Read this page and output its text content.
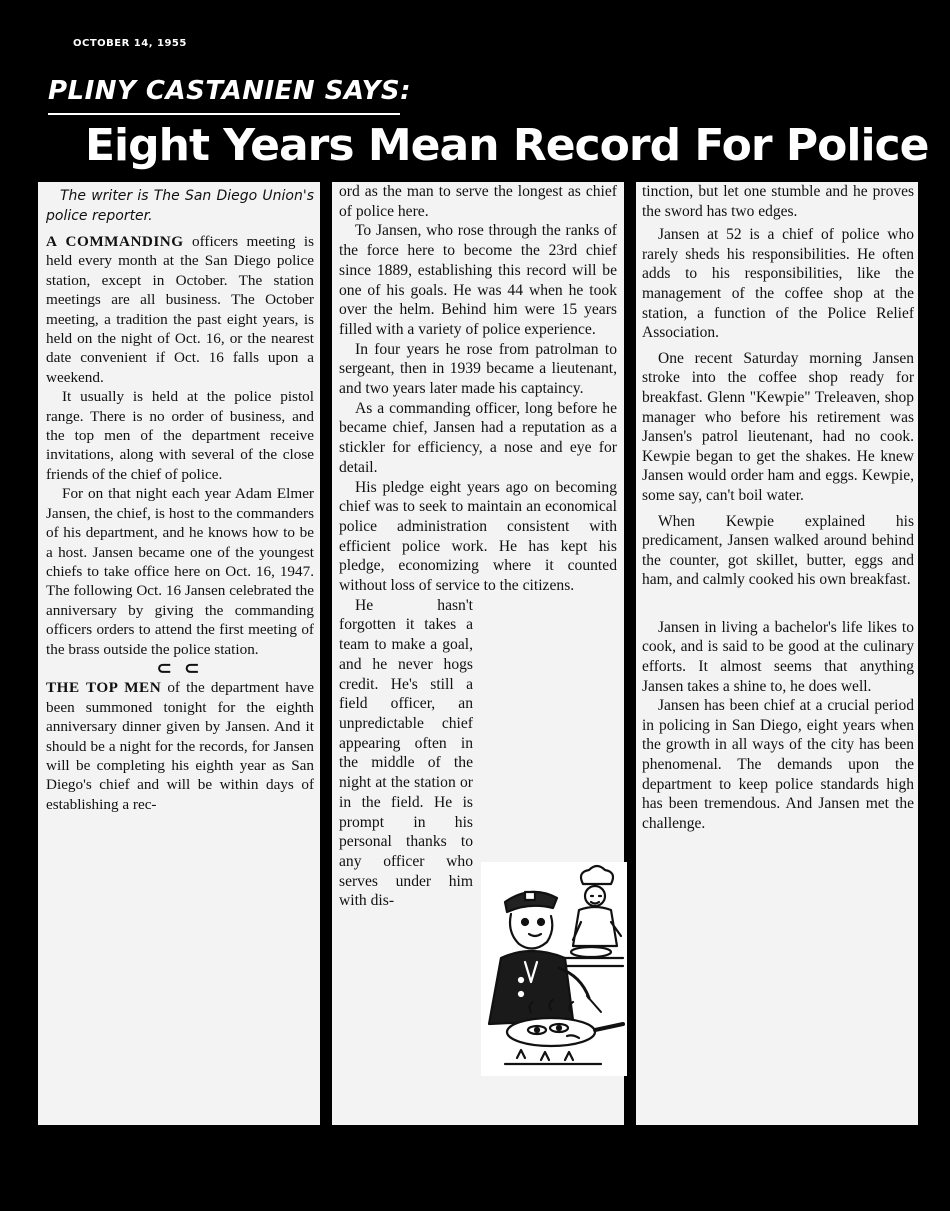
OCTOBER 14, 1955
PLINY CASTANIEN SAYS:
Eight Years Mean Record For Police

The writer is The San Diego Union's police reporter.

A COMMANDING officers meeting is held every month at the San Diego police station, except in October. The station meetings are all business. The October meeting, a tradition the past eight years, is held on the night of Oct. 16, or the nearest date convenient if Oct. 16 falls upon a weekend.

It usually is held at the police pistol range. There is no order of business, and the top men of the department receive invitations, along with several of the close friends of the chief of police.

For on that night each year Adam Elmer Jansen, the chief, is host to the commanders of his department, and he knows how to be a host. Jansen became one of the youngest chiefs to take office here on Oct. 16, 1947. The following Oct. 16 Jansen celebrated the anniversary by giving the commanding officers orders to attend the first meeting of the brass outside the police station.

⊂ ⊂

THE TOP MEN of the department have been summoned tonight for the eighth anniversary dinner given by Jansen. And it should be a night for the records, for Jansen will be completing his eighth year as San Diego's chief and will be within days of establishing a rec-

ord as the man to serve the longest as chief of police here.

To Jansen, who rose through the ranks of the force here to become the 23rd chief since 1889, establishing this record will be one of his goals. He was 44 when he took over the helm. Behind him were 15 years filled with a variety of police experience.

In four years he rose from patrolman to sergeant, then in 1939 became a lieutenant, and two years later made his captaincy.

As a commanding officer, long before he became chief, Jansen had a reputation as a stickler for efficiency, a nose and eye for detail.

His pledge eight years ago on becoming chief was to seek to maintain an economical police administration consistent with efficient police work. He has kept his pledge, economizing where it counted without loss of service to the citizens.

He hasn't forgotten it takes a team to make a goal, and he never hogs credit. He's still a field officer, an unpredictable chief appearing often in the middle of the night at the station or in the field. He is prompt in his personal thanks to any officer who serves under him with dis-

tinction, but let one stumble and he proves the sword has two edges.

Jansen at 52 is a chief of police who rarely sheds his responsibilities. He often adds to his responsibilities, like the management of the coffee shop at the station, a function of the Police Relief Association.

One recent Saturday morning Jansen stroke into the coffee shop ready for breakfast. Glenn "Kewpie" Treleaven, shop manager who before his retirement was Jansen's patrol lieutenant, had no cook. Kewpie began to get the shakes. He knew Jansen would order ham and eggs. Kewpie, some say, can't boil water.

When Kewpie explained his predicament, Jansen walked around behind the counter, got skillet, butter, eggs and ham, and calmly cooked his own breakfast.

Jansen in living a bachelor's life likes to cook, and is said to be good at the culinary efforts. It almost seems that anything Jansen takes a shine to, he does well.

Jansen has been chief at a crucial period in policing in San Diego, eight years when the growth in all ways of the city has been phenomenal. The demands upon the department to keep police standards high has been tremendous. And Jansen met the challenge.
